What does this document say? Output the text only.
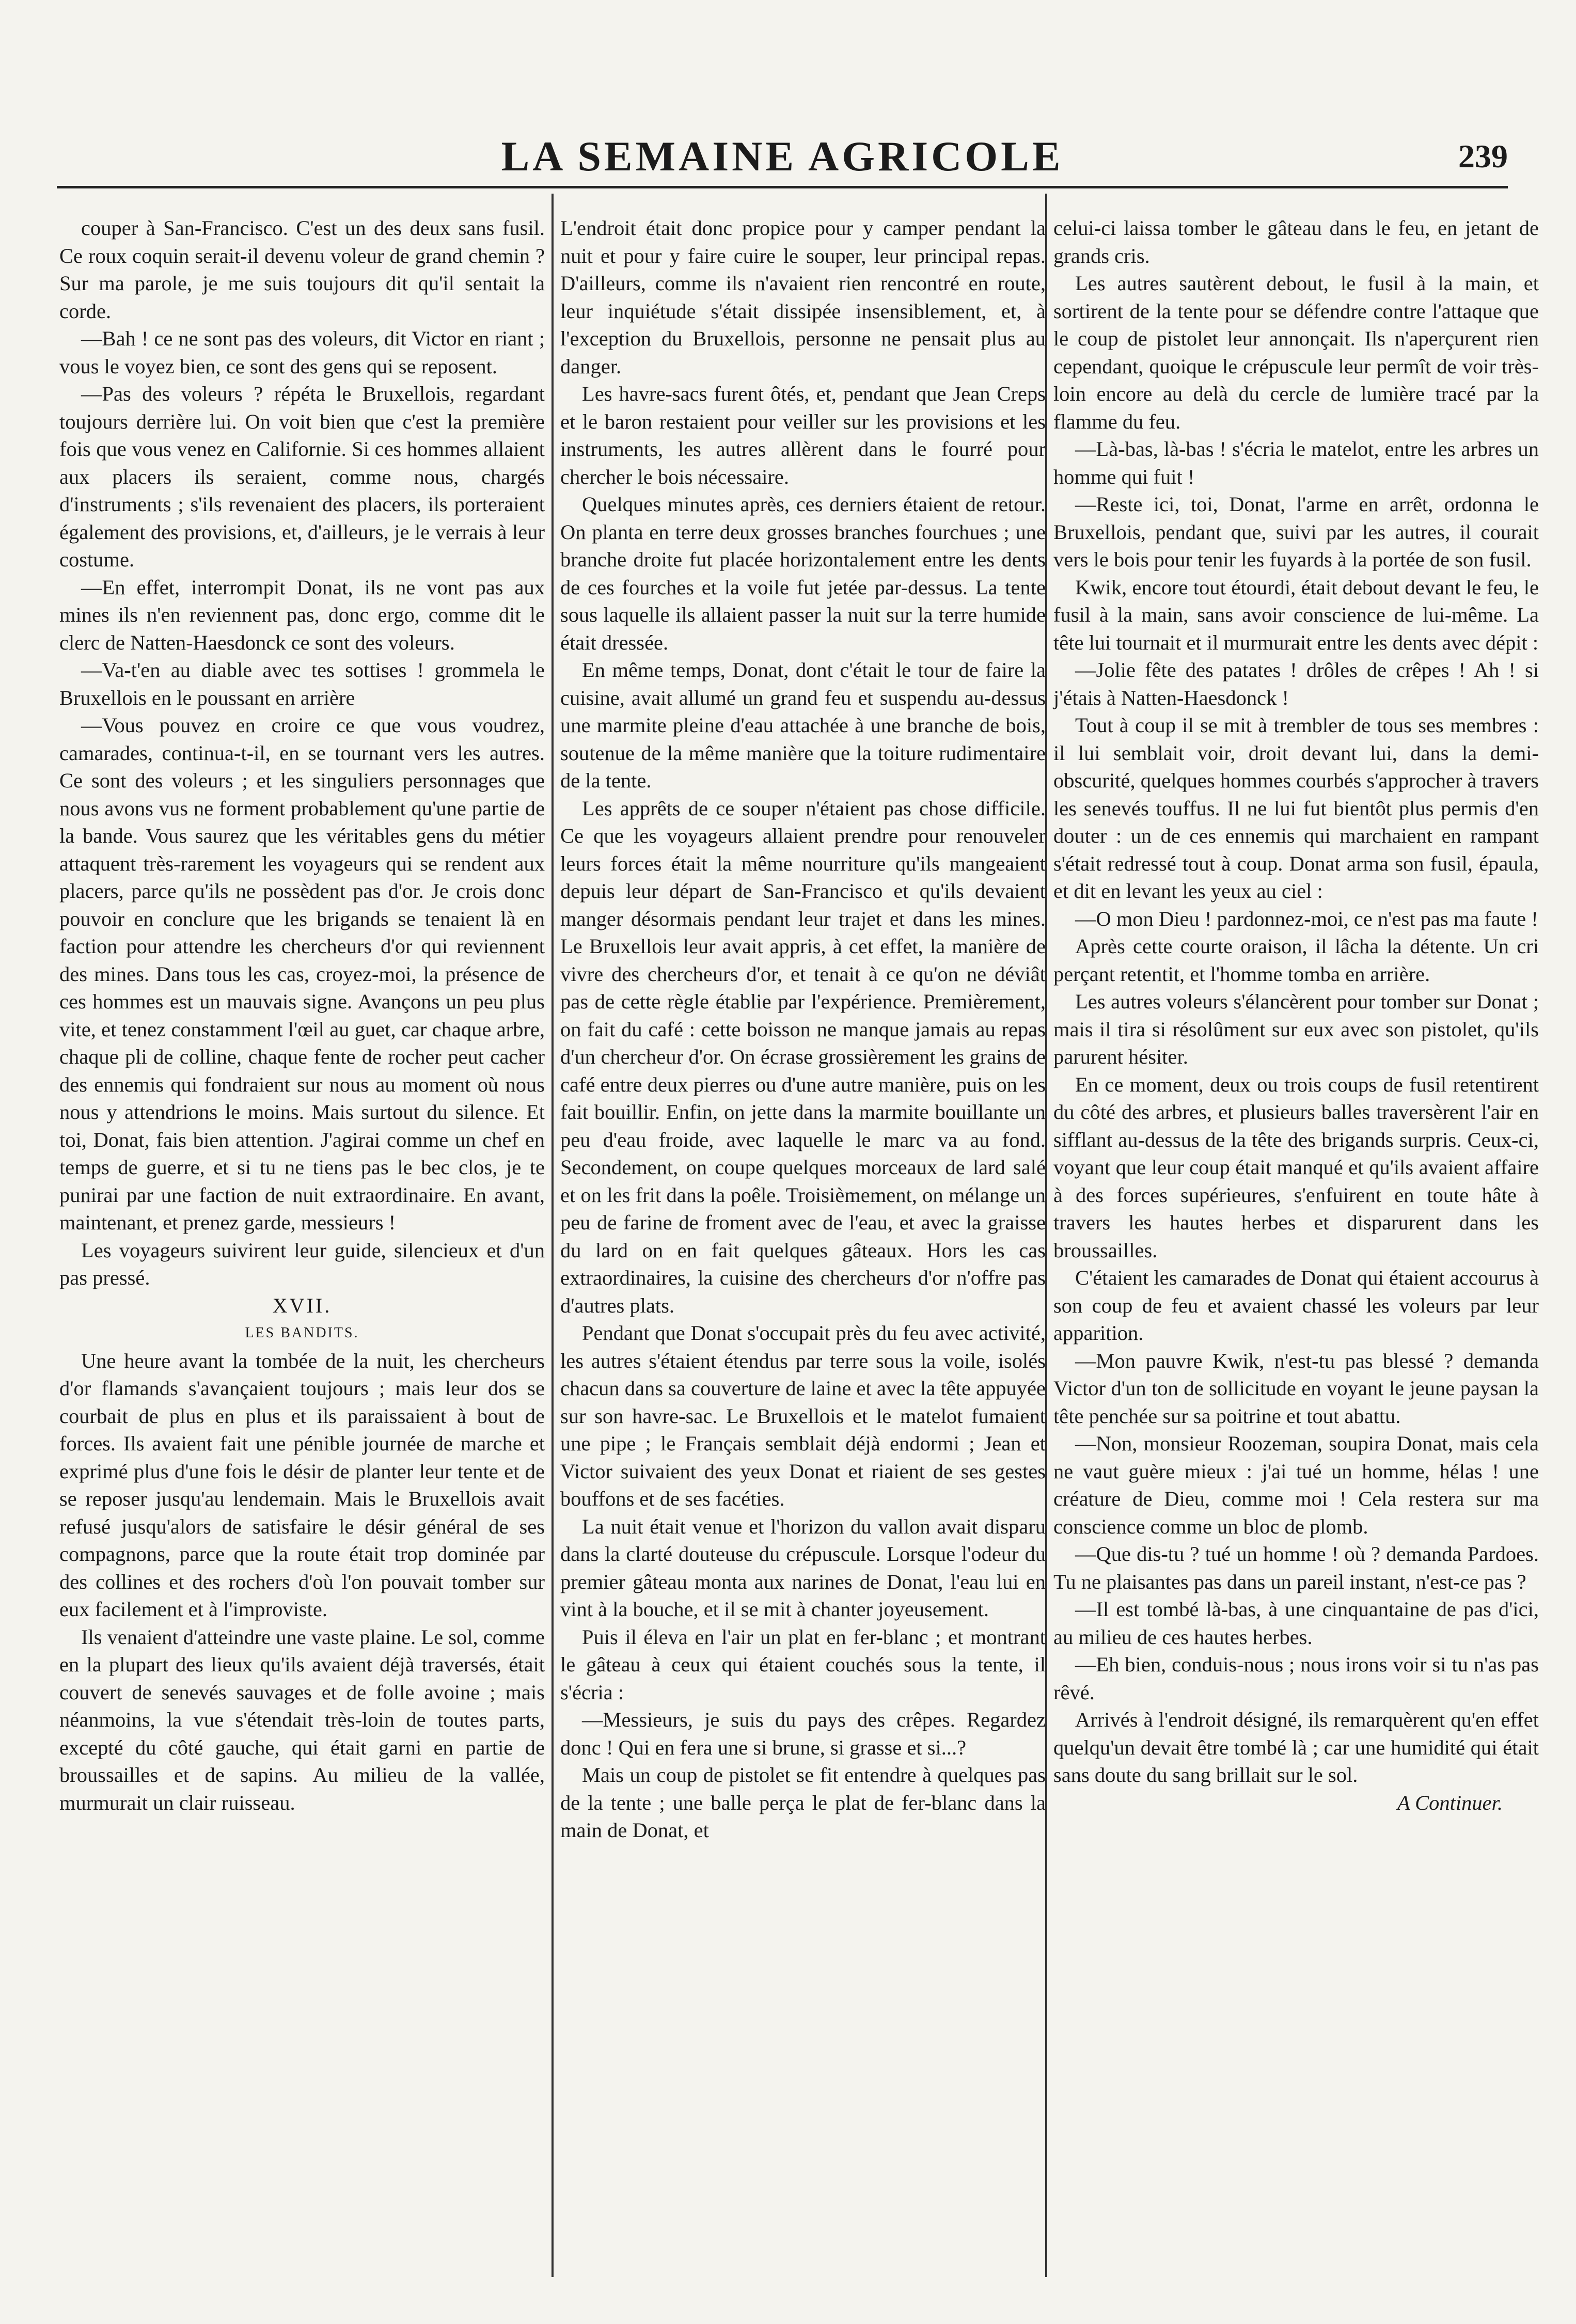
LA SEMAINE AGRICOLE	239

couper à San-Francisco. C'est un des deux sans fusil. Ce roux coquin serait-il devenu voleur de grand chemin ? Sur ma parole, je me suis toujours dit qu'il sentait la corde.

—Bah ! ce ne sont pas des voleurs, dit Victor en riant ; vous le voyez bien, ce sont des gens qui se reposent.

—Pas des voleurs ? répéta le Bruxellois, regardant toujours derrière lui. On voit bien que c'est la première fois que vous venez en Californie. Si ces hommes allaient aux placers ils seraient, comme nous, chargés d'instruments ; s'ils revenaient des placers, ils porteraient également des provisions, et, d'ailleurs, je le verrais à leur costume.

—En effet, interrompit Donat, ils ne vont pas aux mines ils n'en reviennent pas, donc ergo, comme dit le clerc de Natten-Haesdonck ce sont des voleurs.

—Va-t'en au diable avec tes sottises ! grommela le Bruxellois en le poussant en arrière

—Vous pouvez en croire ce que vous voudrez, camarades, continua-t-il, en se tournant vers les autres. Ce sont des voleurs ; et les singuliers personnages que nous avons vus ne forment probablement qu'une partie de la bande. Vous saurez que les véritables gens du métier attaquent très-rarement les voyageurs qui se rendent aux placers, parce qu'ils ne possèdent pas d'or. Je crois donc pouvoir en conclure que les brigands se tenaient là en faction pour attendre les chercheurs d'or qui reviennent des mines. Dans tous les cas, croyez-moi, la présence de ces hommes est un mauvais signe. Avançons un peu plus vite, et tenez constamment l'œil au guet, car chaque arbre, chaque pli de colline, chaque fente de rocher peut cacher des ennemis qui fondraient sur nous au moment où nous nous y attendrions le moins. Mais surtout du silence. Et toi, Donat, fais bien attention. J'agirai comme un chef en temps de guerre, et si tu ne tiens pas le bec clos, je te punirai par une faction de nuit extraordinaire. En avant, maintenant, et prenez garde, messieurs !

Les voyageurs suivirent leur guide, silencieux et d'un pas pressé.

XVII.

LES BANDITS.

Une heure avant la tombée de la nuit, les chercheurs d'or flamands s'avançaient toujours ; mais leur dos se courbait de plus en plus et ils paraissaient à bout de forces. Ils avaient fait une pénible journée de marche et exprimé plus d'une fois le désir de planter leur tente et de se reposer jusqu'au lendemain. Mais le Bruxellois avait refusé jusqu'alors de satisfaire le désir général de ses compagnons, parce que la route était trop dominée par des collines et des rochers d'où l'on pouvait tomber sur eux facilement et à l'improviste.

Ils venaient d'atteindre une vaste plaine. Le sol, comme en la plupart des lieux qu'ils avaient déjà traversés, était couvert de senevés sauvages et de folle avoine ; mais néanmoins, la vue s'étendait très-loin de toutes parts, excepté du côté gauche, qui était garni en partie de broussailles et de sapins. Au milieu de la vallée, murmurait un clair ruisseau.

L'endroit était donc propice pour y camper pendant la nuit et pour y faire cuire le souper, leur principal repas. D'ailleurs, comme ils n'avaient rien rencontré en route, leur inquiétude s'était dissipée insensiblement, et, à l'exception du Bruxellois, personne ne pensait plus au danger.

Les havre-sacs furent ôtés, et, pendant que Jean Creps et le baron restaient pour veiller sur les provisions et les instruments, les autres allèrent dans le fourré pour chercher le bois nécessaire.

Quelques minutes après, ces derniers étaient de retour. On planta en terre deux grosses branches fourchues ; une branche droite fut placée horizontalement entre les dents de ces fourches et la voile fut jetée par-dessus. La tente sous laquelle ils allaient passer la nuit sur la terre humide était dressée.

En même temps, Donat, dont c'était le tour de faire la cuisine, avait allumé un grand feu et suspendu au-dessus une marmite pleine d'eau attachée à une branche de bois, soutenue de la même manière que la toiture rudimentaire de la tente.

Les apprêts de ce souper n'étaient pas chose difficile. Ce que les voyageurs allaient prendre pour renouveler leurs forces était la même nourriture qu'ils mangeaient depuis leur départ de San-Francisco et qu'ils devaient manger désormais pendant leur trajet et dans les mines. Le Bruxellois leur avait appris, à cet effet, la manière de vivre des chercheurs d'or, et tenait à ce qu'on ne déviât pas de cette règle établie par l'expérience. Premièrement, on fait du café : cette boisson ne manque jamais au repas d'un chercheur d'or. On écrase grossièrement les grains de café entre deux pierres ou d'une autre manière, puis on les fait bouillir. Enfin, on jette dans la marmite bouillante un peu d'eau froide, avec laquelle le marc va au fond. Secondement, on coupe quelques morceaux de lard salé et on les frit dans la poêle. Troisièmement, on mélange un peu de farine de froment avec de l'eau, et avec la graisse du lard on en fait quelques gâteaux. Hors les cas extraordinaires, la cuisine des chercheurs d'or n'offre pas d'autres plats.

Pendant que Donat s'occupait près du feu avec activité, les autres s'étaient étendus par terre sous la voile, isolés chacun dans sa couverture de laine et avec la tête appuyée sur son havre-sac. Le Bruxellois et le matelot fumaient une pipe ; le Français semblait déjà endormi ; Jean et Victor suivaient des yeux Donat et riaient de ses gestes bouffons et de ses facéties.

La nuit était venue et l'horizon du vallon avait disparu dans la clarté douteuse du crépuscule. Lorsque l'odeur du premier gâteau monta aux narines de Donat, l'eau lui en vint à la bouche, et il se mit à chanter joyeusement.

Puis il éleva en l'air un plat en fer-blanc ; et montrant le gâteau à ceux qui étaient couchés sous la tente, il s'écria :

—Messieurs, je suis du pays des crêpes. Regardez donc ! Qui en fera une si brune, si grasse et si...?

Mais un coup de pistolet se fit entendre à quelques pas de la tente ; une balle perça le plat de fer-blanc dans la main de Donat, et

celui-ci laissa tomber le gâteau dans le feu, en jetant de grands cris.

Les autres sautèrent debout, le fusil à la main, et sortirent de la tente pour se défendre contre l'attaque que le coup de pistolet leur annonçait. Ils n'aperçurent rien cependant, quoique le crépuscule leur permît de voir très-loin encore au delà du cercle de lumière tracé par la flamme du feu.

—Là-bas, là-bas ! s'écria le matelot, entre les arbres un homme qui fuit !

—Reste ici, toi, Donat, l'arme en arrêt, ordonna le Bruxellois, pendant que, suivi par les autres, il courait vers le bois pour tenir les fuyards à la portée de son fusil.

Kwik, encore tout étourdi, était debout devant le feu, le fusil à la main, sans avoir conscience de lui-même. La tête lui tournait et il murmurait entre les dents avec dépit :

—Jolie fête des patates ! drôles de crêpes ! Ah ! si j'étais à Natten-Haesdonck !

Tout à coup il se mit à trembler de tous ses membres : il lui semblait voir, droit devant lui, dans la demi-obscurité, quelques hommes courbés s'approcher à travers les senevés touffus. Il ne lui fut bientôt plus permis d'en douter : un de ces ennemis qui marchaient en rampant s'était redressé tout à coup. Donat arma son fusil, épaula, et dit en levant les yeux au ciel :

—O mon Dieu ! pardonnez-moi, ce n'est pas ma faute !

Après cette courte oraison, il lâcha la détente. Un cri perçant retentit, et l'homme tomba en arrière.

Les autres voleurs s'élancèrent pour tomber sur Donat ; mais il tira si résolûment sur eux avec son pistolet, qu'ils parurent hésiter.

En ce moment, deux ou trois coups de fusil retentirent du côté des arbres, et plusieurs balles traversèrent l'air en sifflant au-dessus de la tête des brigands surpris. Ceux-ci, voyant que leur coup était manqué et qu'ils avaient affaire à des forces supérieures, s'enfuirent en toute hâte à travers les hautes herbes et disparurent dans les broussailles.

C'étaient les camarades de Donat qui étaient accourus à son coup de feu et avaient chassé les voleurs par leur apparition.

—Mon pauvre Kwik, n'est-tu pas blessé ? demanda Victor d'un ton de sollicitude en voyant le jeune paysan la tête penchée sur sa poitrine et tout abattu.

—Non, monsieur Roozeman, soupira Donat, mais cela ne vaut guère mieux : j'ai tué un homme, hélas ! une créature de Dieu, comme moi ! Cela restera sur ma conscience comme un bloc de plomb.

—Que dis-tu ? tué un homme ! où ? demanda Pardoes. Tu ne plaisantes pas dans un pareil instant, n'est-ce pas ?

—Il est tombé là-bas, à une cinquantaine de pas d'ici, au milieu de ces hautes herbes.

—Eh bien, conduis-nous ; nous irons voir si tu n'as pas rêvé.

Arrivés à l'endroit désigné, ils remarquèrent qu'en effet quelqu'un devait être tombé là ; car une humidité qui était sans doute du sang brillait sur le sol.

A Continuer.
